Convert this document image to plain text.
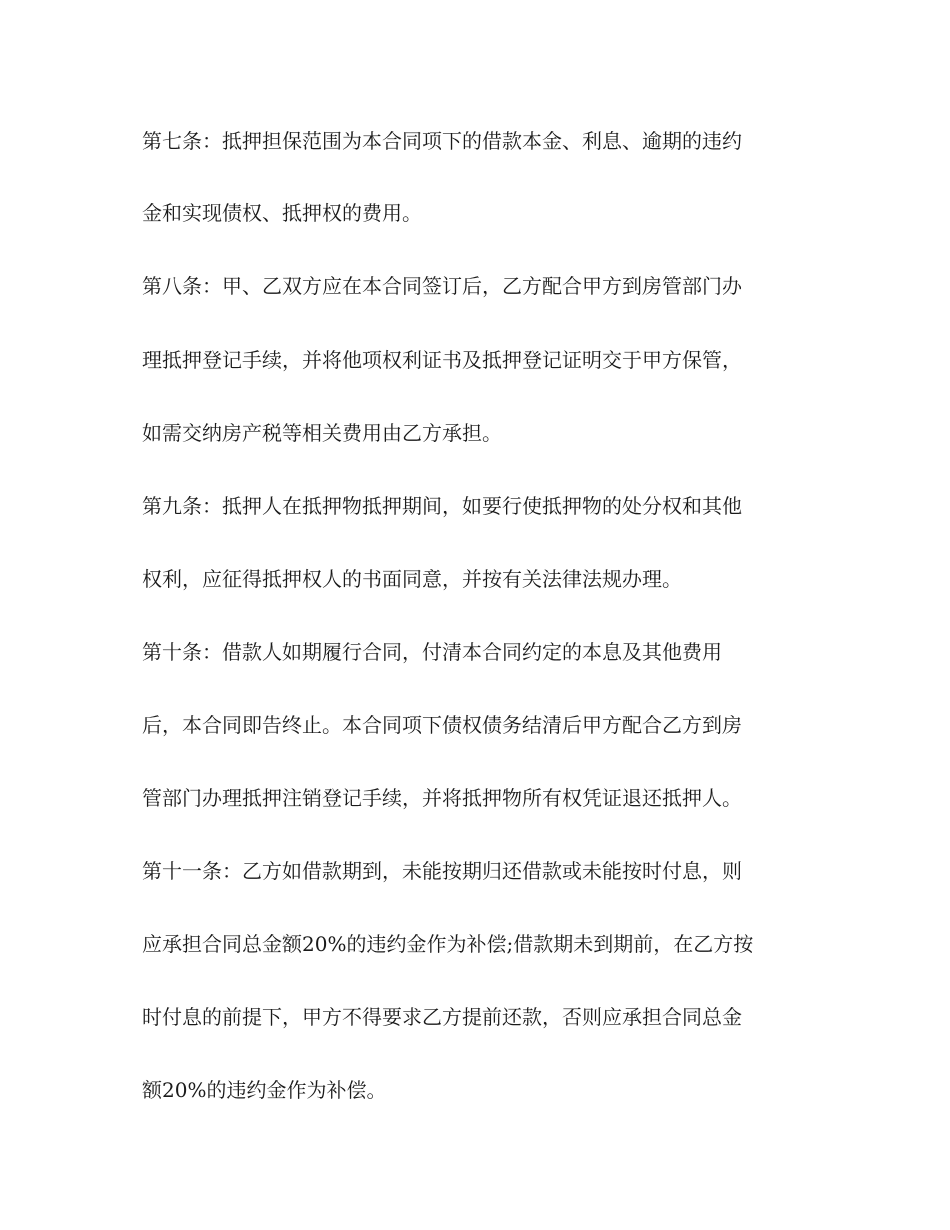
第七条：抵押担保范围为本合同项下的借款本金、利息、逾期的违约
金和实现债权、抵押权的费用。
第八条：甲、乙双方应在本合同签订后，乙方配合甲方到房管部门办
理抵押登记手续，并将他项权利证书及抵押登记证明交于甲方保管，
如需交纳房产税等相关费用由乙方承担。
第九条：抵押人在抵押物抵押期间，如要行使抵押物的处分权和其他
权利，应征得抵押权人的书面同意，并按有关法律法规办理。
第十条：借款人如期履行合同，付清本合同约定的本息及其他费用
后，本合同即告终止。本合同项下债权债务结清后甲方配合乙方到房
管部门办理抵押注销登记手续，并将抵押物所有权凭证退还抵押人。
第十一条：乙方如借款期到，未能按期归还借款或未能按时付息，则
应承担合同总金额20%的违约金作为补偿;借款期未到期前，在乙方按
时付息的前提下，甲方不得要求乙方提前还款，否则应承担合同总金
额20%的违约金作为补偿。
